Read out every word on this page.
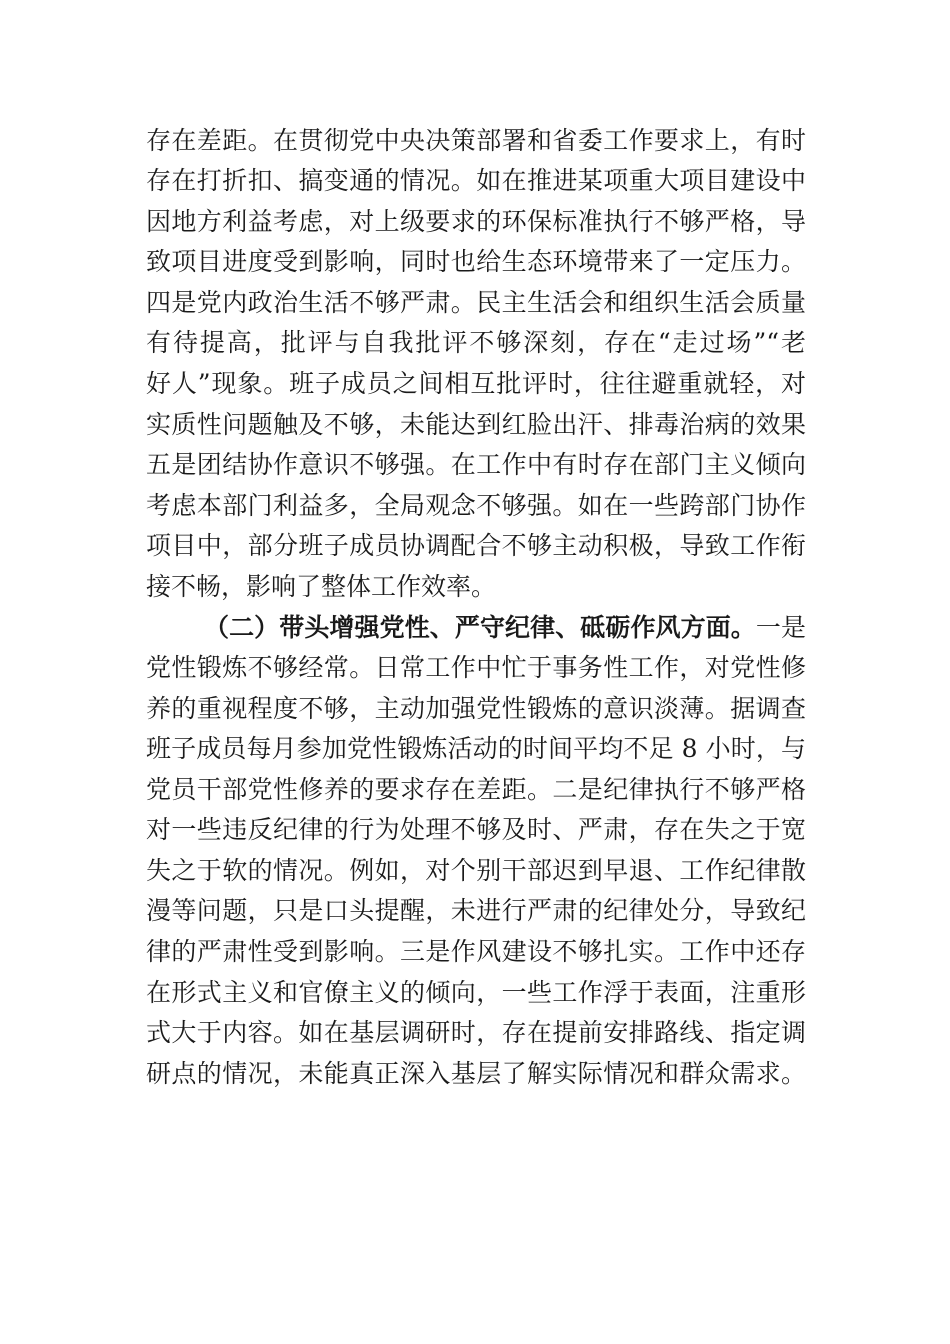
存在差距。在贯彻党中央决策部署和省委工作要求上，有时
存在打折扣、搞变通的情况。如在推进某项重大项目建设中
因地方利益考虑，对上级要求的环保标准执行不够严格，导
致项目进度受到影响，同时也给生态环境带来了一定压力。
四是党内政治生活不够严肃。民主生活会和组织生活会质量
有待提高，批评与自我批评不够深刻，存在“走过场”“老
好人”现象。班子成员之间相互批评时，往往避重就轻，对
实质性问题触及不够，未能达到红脸出汗、排毒治病的效果
五是团结协作意识不够强。在工作中有时存在部门主义倾向
考虑本部门利益多，全局观念不够强。如在一些跨部门协作
项目中，部分班子成员协调配合不够主动积极，导致工作衔
接不畅，影响了整体工作效率。
（二）带头增强党性、严守纪律、砥砺作风方面。一是
党性锻炼不够经常。日常工作中忙于事务性工作，对党性修
养的重视程度不够，主动加强党性锻炼的意识淡薄。据调查
班子成员每月参加党性锻炼活动的时间平均不足 8 小时，与
党员干部党性修养的要求存在差距。二是纪律执行不够严格
对一些违反纪律的行为处理不够及时、严肃，存在失之于宽
失之于软的情况。例如，对个别干部迟到早退、工作纪律散
漫等问题，只是口头提醒，未进行严肃的纪律处分，导致纪
律的严肃性受到影响。三是作风建设不够扎实。工作中还存
在形式主义和官僚主义的倾向，一些工作浮于表面，注重形
式大于内容。如在基层调研时，存在提前安排路线、指定调
研点的情况，未能真正深入基层了解实际情况和群众需求。
